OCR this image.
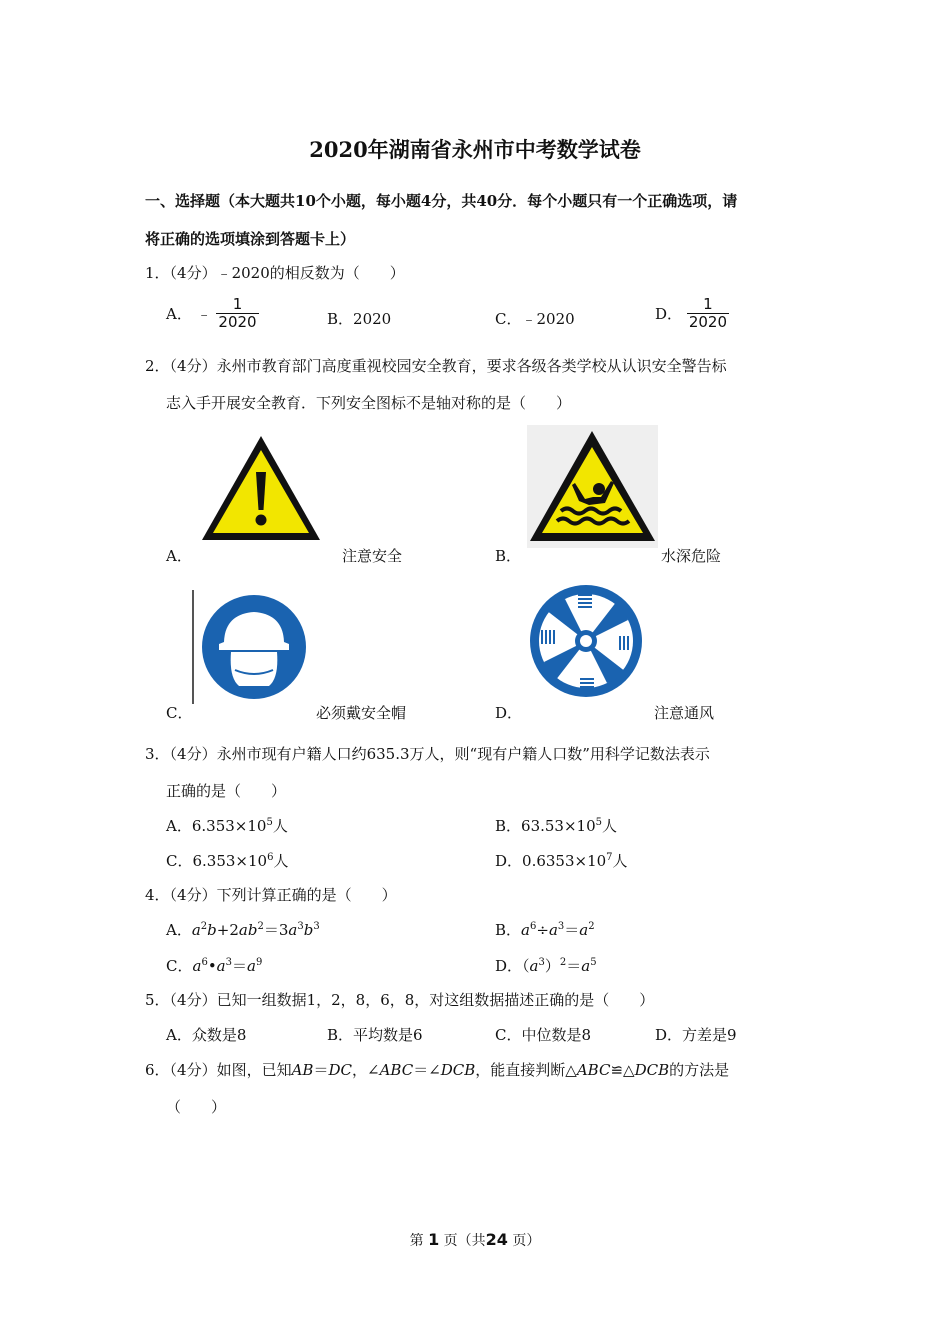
2020年湖南省永州市中考数学试卷
一、选择题（本大题共10个小题，每小题4分，共40分．每个小题只有一个正确选项，请
将正确的选项填涂到答题卡上）
1．（4分）﹣2020的相反数为（　　）
A． ﹣ $\frac{1}{2020}$	B．2020	C．﹣2020	D． $\frac{1}{2020}$
2．（4分）永州市教育部门高度重视校园安全教育，要求各级各类学校从认识安全警告标
志入手开展安全教育．下列安全图标不是轴对称的是（　　）
A．	注意安全	B．	水深危险
C．	必须戴安全帽	D．	注意通风
3．（4分）永州市现有户籍人口约635.3万人，则“现有户籍人口数”用科学记数法表示
正确的是（　　）
A．$6.353\times 10^5$人	B．$63.53\times 10^5$人
C．$6.353\times 10^6$人	D．$0.6353\times 10^7$人
4．（4分）下列计算正确的是（　　）
A．$a^2b+2ab^2=3a^3b^3$	B．$a^6\div a^3=a^2$
C．$a^6•a^3=a^9$	D．$(a^3)^2=a^5$
5．（4分）已知一组数据1，2，8，6，8，对这组数据描述正确的是（　　）
A．众数是8	B．平均数是6	C．中位数是8	D．方差是9
6．（4分）如图，已知AB＝DC，∠ABC＝∠DCB，能直接判断△ABC≌△DCB的方法是
（　　）
第 1 页（共24 页）
